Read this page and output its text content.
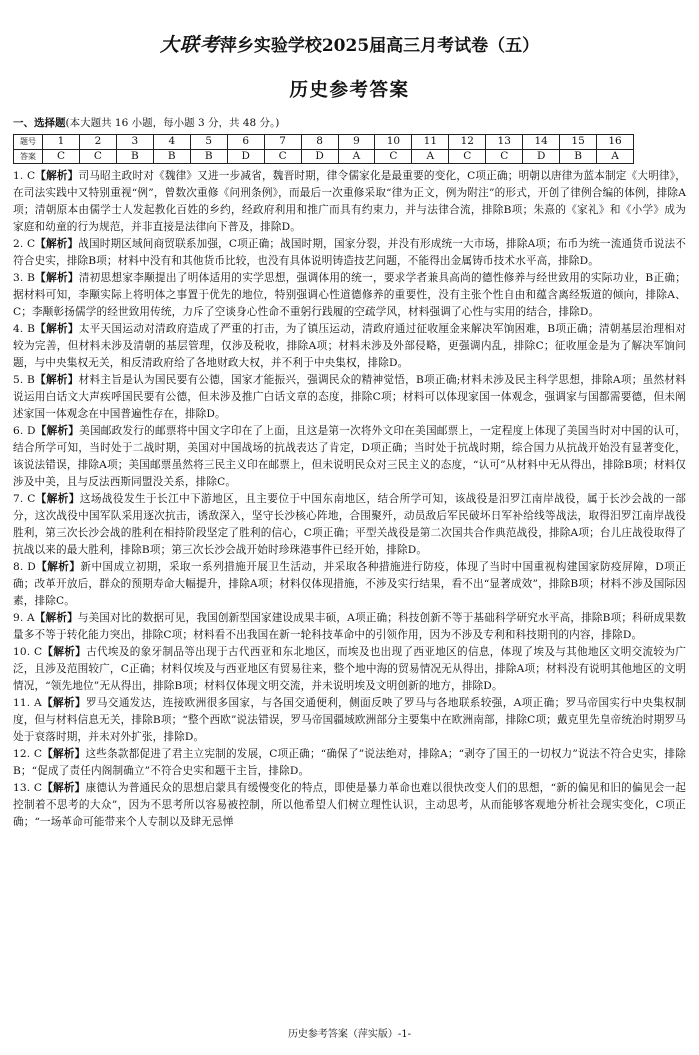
大联考萍乡实验学校2025届高三月考试卷（五）
历史参考答案
一、选择题(本大题共 16 小题，每小题 3 分，共 48 分。)
题号	1	2	3	4	5	6	7	8	9	10	11	12	13	14	15	16
答案	C	C	B	B	B	D	C	D	A	C	A	C	C	D	B	A

1. C【解析】司马昭主政时对《魏律》又进一步减省，魏晋时期，律令儒家化是最重要的变化，C项正确；明朝以唐律为蓝本制定《大明律》，在司法实践中又特别重视“例”，曾数次重修《问刑条例》，而最后一次重修采取“律为正文，例为附注”的形式，开创了律例合编的体例，排除A项；清朝原本由儒学士人发起教化百姓的乡约，经政府利用和推广而具有约束力，并与法律合流，排除B项；朱熹的《家礼》和《小学》成为家庭和幼童的行为规范，并非直接是法律向下普及，排除D。

2. C【解析】战国时期区域间商贸联系加强，C项正确；战国时期，国家分裂，并没有形成统一大市场，排除A项；布币为统一流通货币说法不符合史实，排除B项；材料中没有和其他货币比较，也没有具体说明铸造技艺问题，不能得出金属铸币技术水平高，排除D。

3. B【解析】清初思想家李颙提出了明体适用的实学思想，强调体用的统一，要求学者兼具高尚的德性修养与经世致用的实际功业，B正确；据材料可知，李颙实际上将明体之事置于优先的地位，特别强调心性道德修养的重要性，没有主张个性自由和蕴含离经叛道的倾向，排除A、C；李颙彰扬儒学的经世致用传统，力斥了空谈身心性命不重躬行践履的空疏学风，材料强调了心性与实用的结合，排除D。

4. B【解析】太平天国运动对清政府造成了严重的打击，为了镇压运动，清政府通过征收厘金来解决军饷困难，B项正确；清朝基层治理相对较为完善，但材料未涉及清朝的基层管理，仅涉及税收，排除A项；材料未涉及外部侵略，更强调内乱，排除C；征收厘金是为了解决军饷问题，与中央集权无关，相反清政府给了各地财政大权，并不利于中央集权，排除D。

5. B【解析】材料主旨是认为国民要有公德，国家才能振兴，强调民众的精神觉悟，B项正确;材料未涉及民主科学思想，排除A项；虽然材料说运用白话文大声疾呼国民要有公德，但未涉及推广白话文章的态度，排除C项；材料可以体现家国一体观念，强调家与国都需要德，但未阐述家国一体观念在中国普遍性存在，排除D。

6. D【解析】美国邮政发行的邮票将中国文字印在了上面，且这是第一次将外文印在美国邮票上，一定程度上体现了美国当时对中国的认可，结合所学可知，当时处于二战时期，美国对中国战场的抗战表达了肯定，D项正确；当时处于抗战时期，综合国力从抗战开始没有显著变化，该说法错误，排除A项；美国邮票虽然将三民主义印在邮票上，但未说明民众对三民主义的态度，“认可”从材料中无从得出，排除B项；材料仅涉及中美，且与反法西斯同盟没关系，排除C。

7. C【解析】这场战役发生于长江中下游地区，且主要位于中国东南地区，结合所学可知，该战役是汨罗江南岸战役，属于长沙会战的一部分，这次战役中国军队采用逐次抗击，诱敌深入，坚守长沙核心阵地，合围聚歼，动员敌后军民破坏日军补给线等战法，取得汨罗江南岸战役胜利，第三次长沙会战的胜利在相持阶段坚定了胜利的信心，C项正确；平型关战役是第二次国共合作典范战役，排除A项；台儿庄战役取得了抗战以来的最大胜利，排除B项；第三次长沙会战开始时珍珠港事件已经开始，排除D。

8. D【解析】新中国成立初期，采取一系列措施开展卫生活动，并采取各种措施进行防疫，体现了当时中国重视构建国家防疫屏障，D项正确；改革开放后，群众的预期寿命大幅提升，排除A项；材料仅体现措施，不涉及实行结果，看不出“显著成效”，排除B项；材料不涉及国际因素，排除C。

9. A【解析】与美国对比的数据可见，我国创新型国家建设成果丰硕，A项正确；科技创新不等于基础科学研究水平高，排除B项；科研成果数量多不等于转化能力突出，排除C项；材料看不出我国在新一轮科技革命中的引领作用，因为不涉及专利和科技期刊的内容，排除D。

10. C【解析】古代埃及的象牙制品等出现于古代西亚和东北地区，而埃及也出现了西亚地区的信息，体现了埃及与其他地区文明交流较为广泛，且涉及范围较广，C正确；材料仅埃及与西亚地区有贸易往来，整个地中海的贸易情况无从得出，排除A项；材料没有说明其他地区的文明情况，“领先地位”无从得出，排除B项；材料仅体现文明交流，并未说明埃及文明创新的地方，排除D。

11. A【解析】罗马交通发达，连接欧洲很多国家，与各国交通便利，侧面反映了罗马与各地联系较强，A项正确；罗马帝国实行中央集权制度，但与材料信息无关，排除B项；“整个西欧”说法错误，罗马帝国疆域欧洲部分主要集中在欧洲南部，排除C项；戴克里先皇帝统治时期罗马处于衰落时期，并未对外扩张，排除D。

12. C【解析】这些条款都促进了君主立宪制的发展，C项正确；“确保了”说法绝对，排除A；“剥夺了国王的一切权力”说法不符合史实，排除B；“促成了责任内阁制确立”不符合史实和题干主旨，排除D。

13. C【解析】康德认为普通民众的思想启蒙具有缓慢变化的特点，即使是暴力革命也难以很快改变人们的思想，“新的偏见和旧的偏见会一起控制着不思考的大众”，因为不思考所以容易被控制，所以他希望人们树立理性认识，主动思考，从而能够客观地分析社会现实变化，C项正确；“一场革命可能带来个人专制以及肆无忌惮

历史参考答案（萍实版）-1-
